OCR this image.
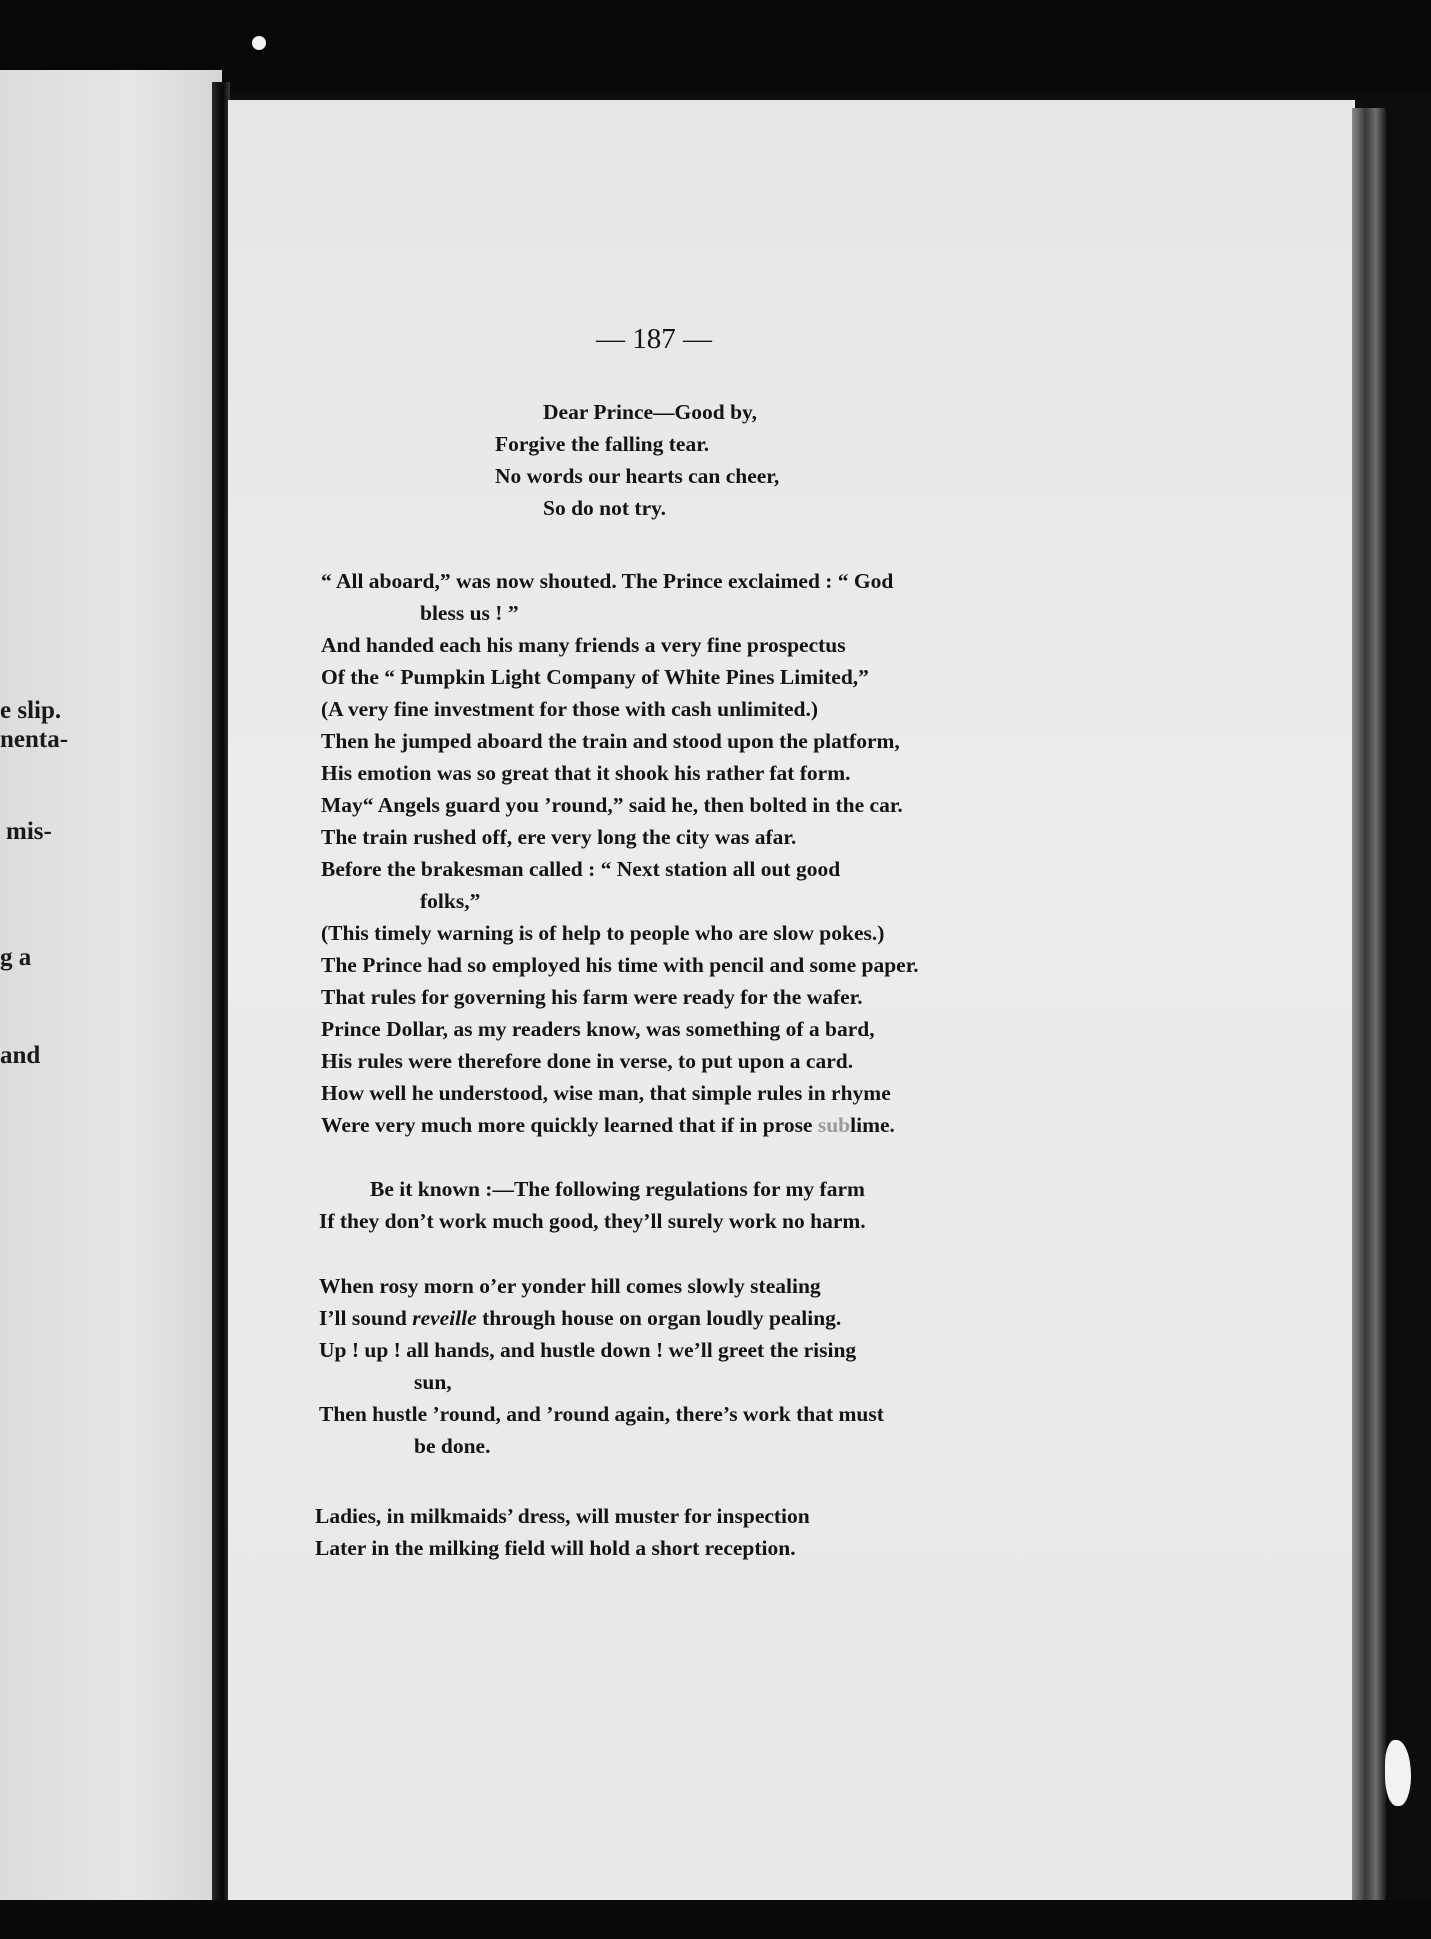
e slip.
nenta-
mis-
g a
and
— 187 —
Dear Prince—Good by,
Forgive the falling tear.
No words our hearts can cheer,
So do not try.
“ All aboard,” was now shouted. The Prince exclaimed : “ God
bless us ! ”
And handed each his many friends a very fine prospectus
Of the “ Pumpkin Light Company of White Pines Limited,”
(A very fine investment for those with cash unlimited.)
Then he jumped aboard the train and stood upon the platform,
His emotion was so great that it shook his rather fat form.
May“ Angels guard you ’round,” said he, then bolted in the car.
The train rushed off, ere very long the city was afar.
Before the brakesman called : “ Next station all out good
folks,”
(This timely warning is of help to people who are slow pokes.)
The Prince had so employed his time with pencil and some paper.
That rules for governing his farm were ready for the wafer.
Prince Dollar, as my readers know, was something of a bard,
His rules were therefore done in verse, to put upon a card.
How well he understood, wise man, that simple rules in rhyme
Were very much more quickly learned that if in prose sublime.
Be it known :—The following regulations for my farm
If they don’t work much good, they’ll surely work no harm.
When rosy morn o’er yonder hill comes slowly stealing
I’ll sound reveille through house on organ loudly pealing.
Up ! up ! all hands, and hustle down ! we’ll greet the rising
sun,
Then hustle ’round, and ’round again, there’s work that must
be done.
Ladies, in milkmaids’ dress, will muster for inspection
Later in the milking field will hold a short reception.
